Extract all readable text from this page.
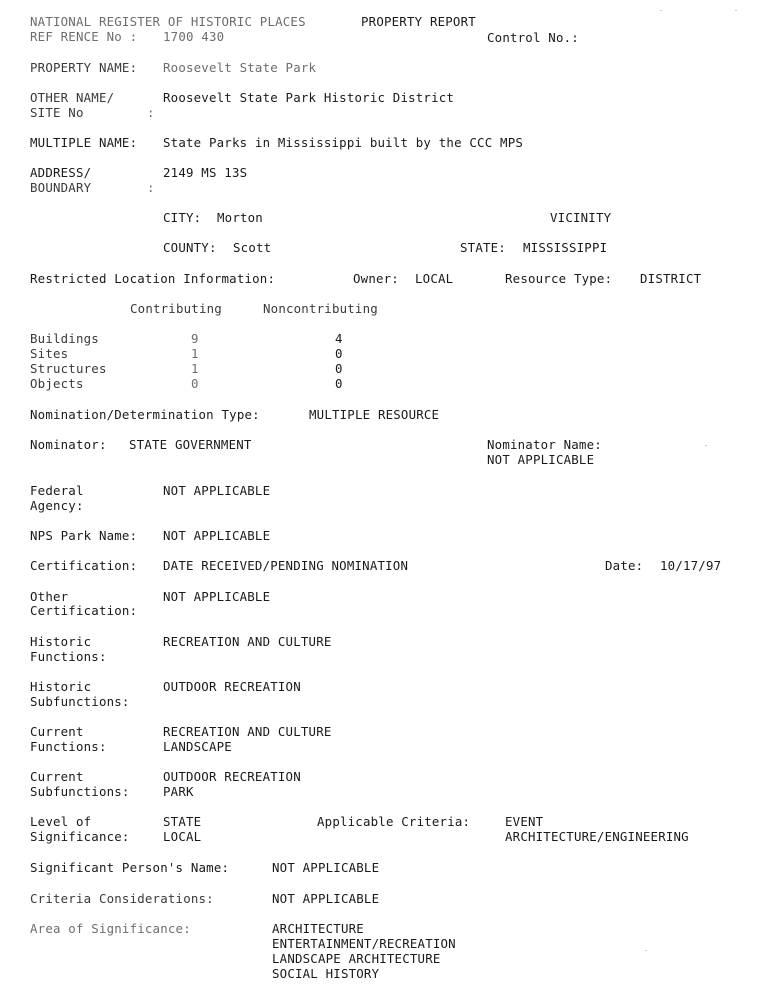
NATIONAL REGISTER OF HISTORIC PLACES	PROPERTY REPORT
REF RENCE No : 1700 430	Control No.:
PROPERTY NAME: Roosevelt State Park
OTHER NAME/
SITE No	:
Roosevelt State Park Historic District
MULTIPLE NAME: State Parks in Mississippi built by the CCC MPS
ADDRESS/
BOUNDARY	:
2149 MS 13S
CITY: Morton	VICINITY
COUNTY: Scott	STATE: MISSISSIPPI
Restricted Location Information:	Owner: LOCAL	Resource Type: DISTRICT
Contributing	Noncontributing
Buildings	9	4
Sites	1	0
Structures	1	0
Objects	0	0
Nomination/Determination Type:	MULTIPLE RESOURCE
Nominator: STATE GOVERNMENT	Nominator Name:
NOT APPLICABLE
Federal
Agency:
NOT APPLICABLE
NPS Park Name: NOT APPLICABLE
Certification: DATE RECEIVED/PENDING NOMINATION	Date: 10/17/97
Other
Certification:
NOT APPLICABLE
Historic
Functions:
RECREATION AND CULTURE
Historic
Subfunctions:
OUTDOOR RECREATION
Current
Functions:
RECREATION AND CULTURE
LANDSCAPE
Current
Subfunctions:
OUTDOOR RECREATION
PARK
Level of
Significance:
STATE
LOCAL
Applicable Criteria:	EVENT
ARCHITECTURE/ENGINEERING
Significant Person's Name:	NOT APPLICABLE
Criteria Considerations:	NOT APPLICABLE
Area of Significance:	ARCHITECTURE
ENTERTAINMENT/RECREATION
LANDSCAPE ARCHITECTURE
SOCIAL HISTORY
